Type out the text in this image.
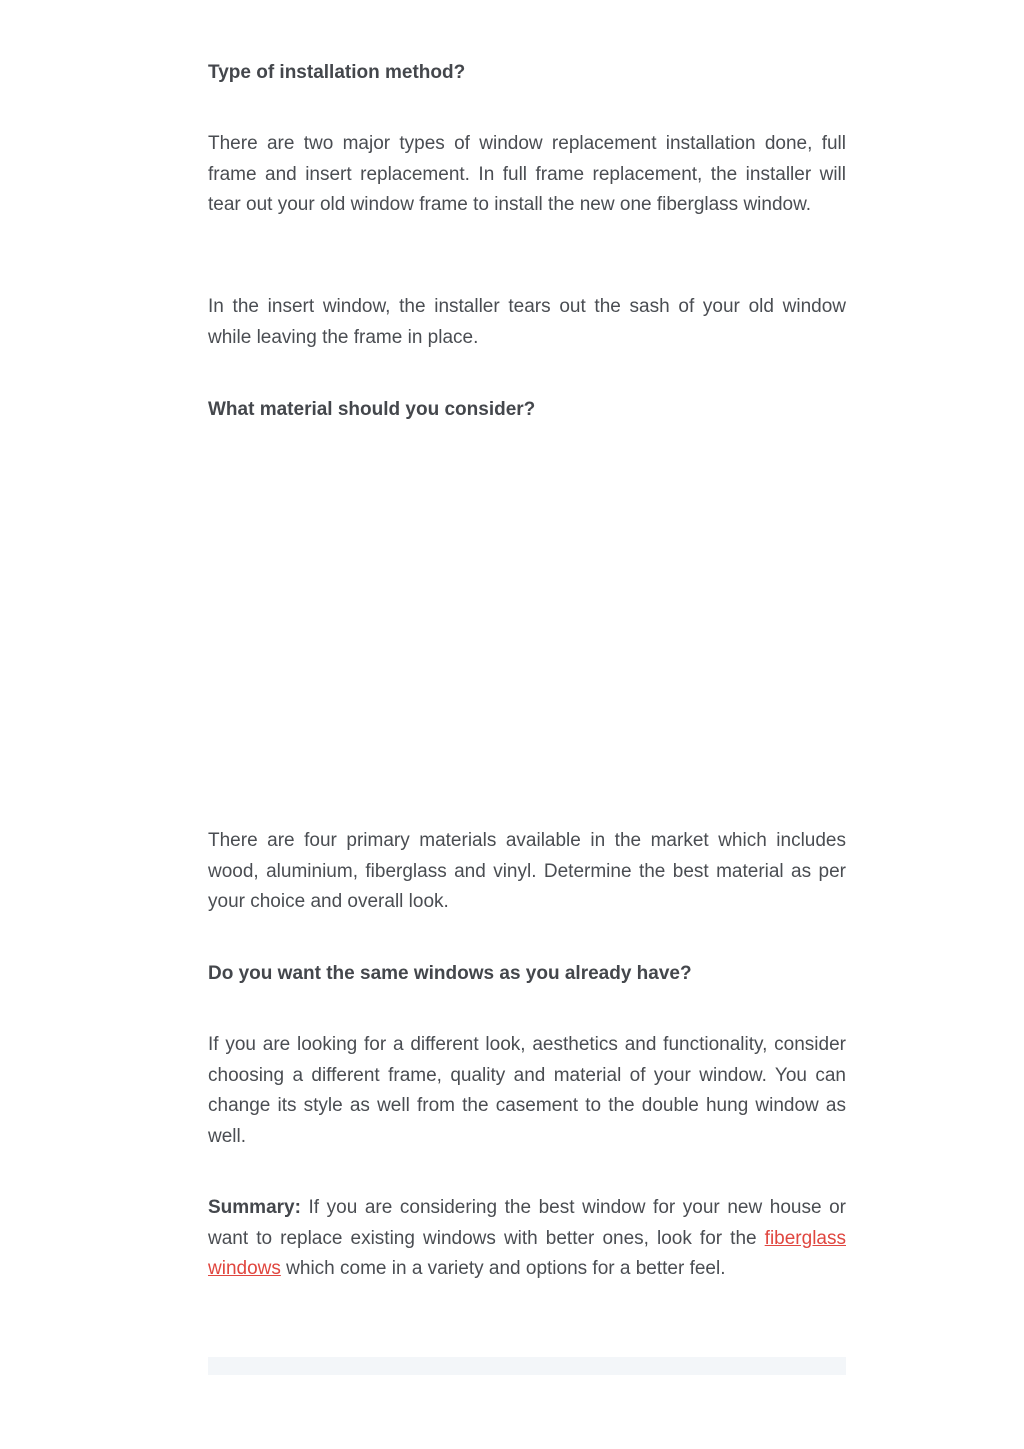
Type of installation method?

There are two major types of window replacement installation done, full frame and insert replacement. In full frame replacement, the installer will tear out your old window frame to install the new one fiberglass window.

In the insert window, the installer tears out the sash of your old window while leaving the frame in place.

What material should you consider?

There are four primary materials available in the market which includes wood, aluminium, fiberglass and vinyl. Determine the best material as per your choice and overall look.

Do you want the same windows as you already have?

If you are looking for a different look, aesthetics and functionality, consider choosing a different frame, quality and material of your window. You can change its style as well from the casement to the double hung window as well.

Summary: If you are considering the best window for your new house or want to replace existing windows with better ones, look for the fiberglass windows which come in a variety and options for a better feel.
